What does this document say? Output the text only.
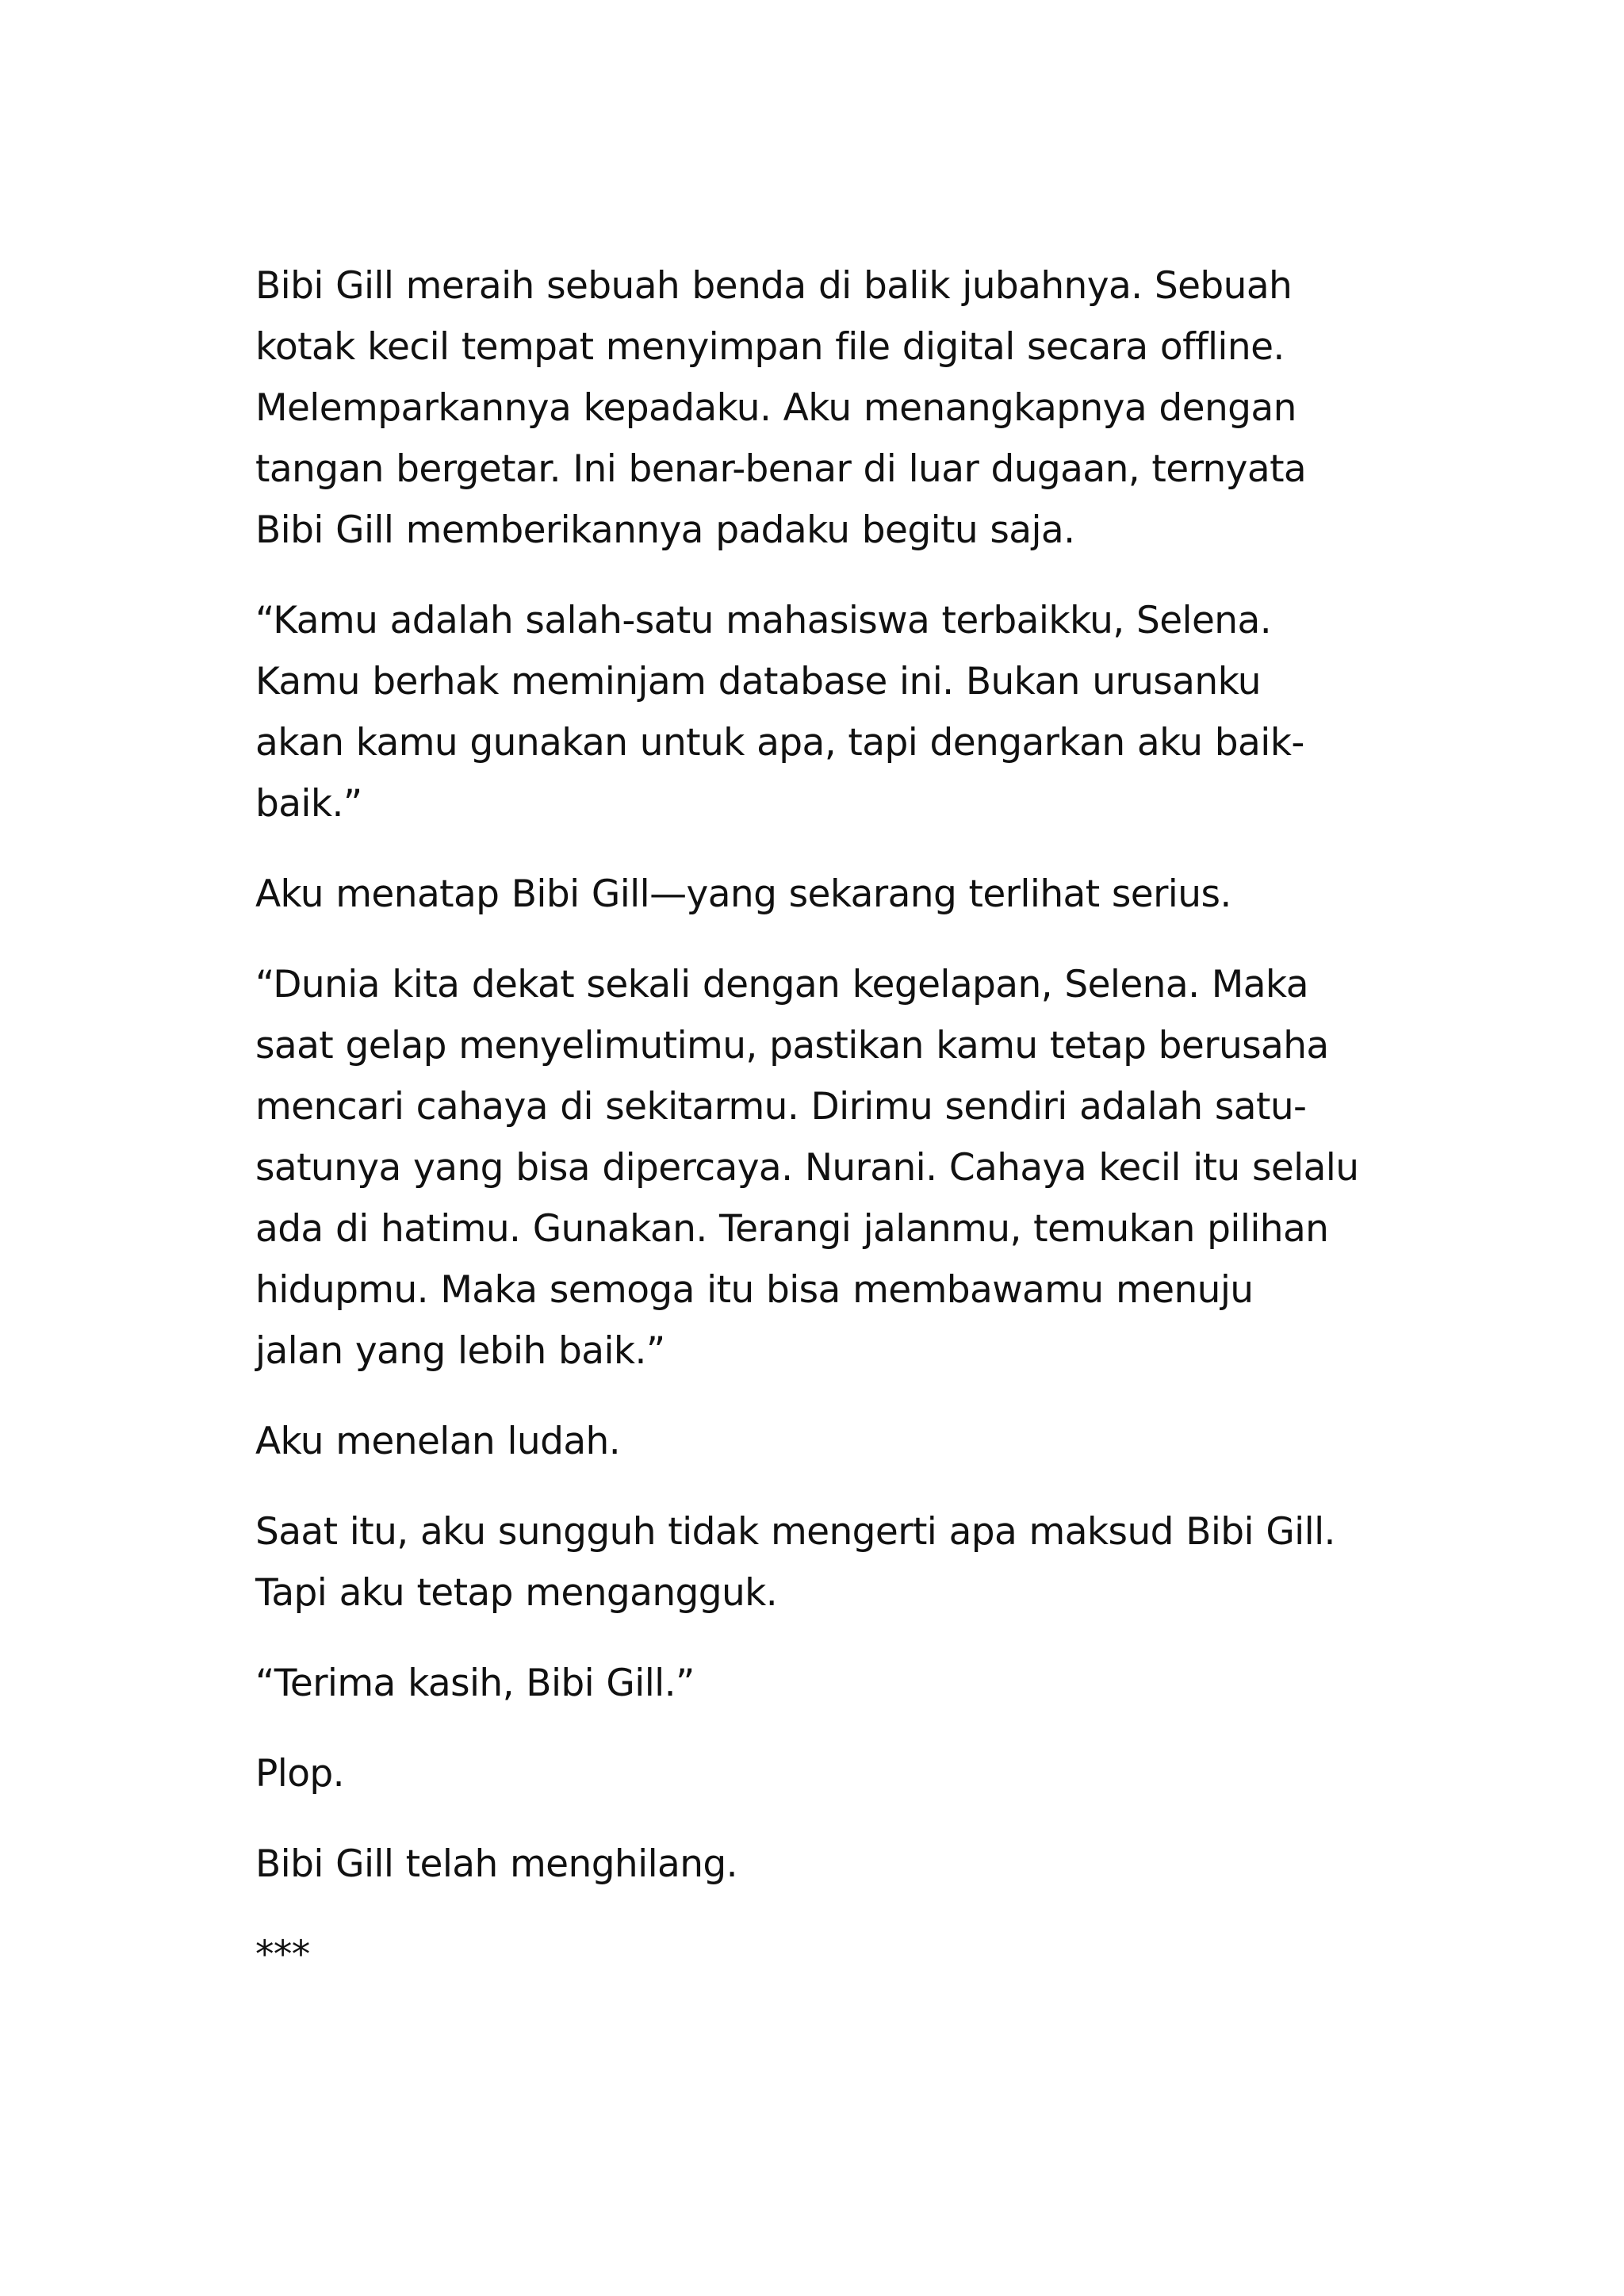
Bibi Gill meraih sebuah benda di balik jubahnya. Sebuah
kotak kecil tempat menyimpan file digital secara offline.
Melemparkannya kepadaku. Aku menangkapnya dengan
tangan bergetar. Ini benar-benar di luar dugaan, ternyata
Bibi Gill memberikannya padaku begitu saja.
“Kamu adalah salah-satu mahasiswa terbaikku, Selena.
Kamu berhak meminjam database ini. Bukan urusanku
akan kamu gunakan untuk apa, tapi dengarkan aku baik-
baik.”
Aku menatap Bibi Gill—yang sekarang terlihat serius.
“Dunia kita dekat sekali dengan kegelapan, Selena. Maka
saat gelap menyelimutimu, pastikan kamu tetap berusaha
mencari cahaya di sekitarmu. Dirimu sendiri adalah satu-
satunya yang bisa dipercaya. Nurani. Cahaya kecil itu selalu
ada di hatimu. Gunakan. Terangi jalanmu, temukan pilihan
hidupmu. Maka semoga itu bisa membawamu menuju
jalan yang lebih baik.”
Aku menelan ludah.
Saat itu, aku sungguh tidak mengerti apa maksud Bibi Gill.
Tapi aku tetap mengangguk.
“Terima kasih, Bibi Gill.”
Plop.
Bibi Gill telah menghilang.
***
